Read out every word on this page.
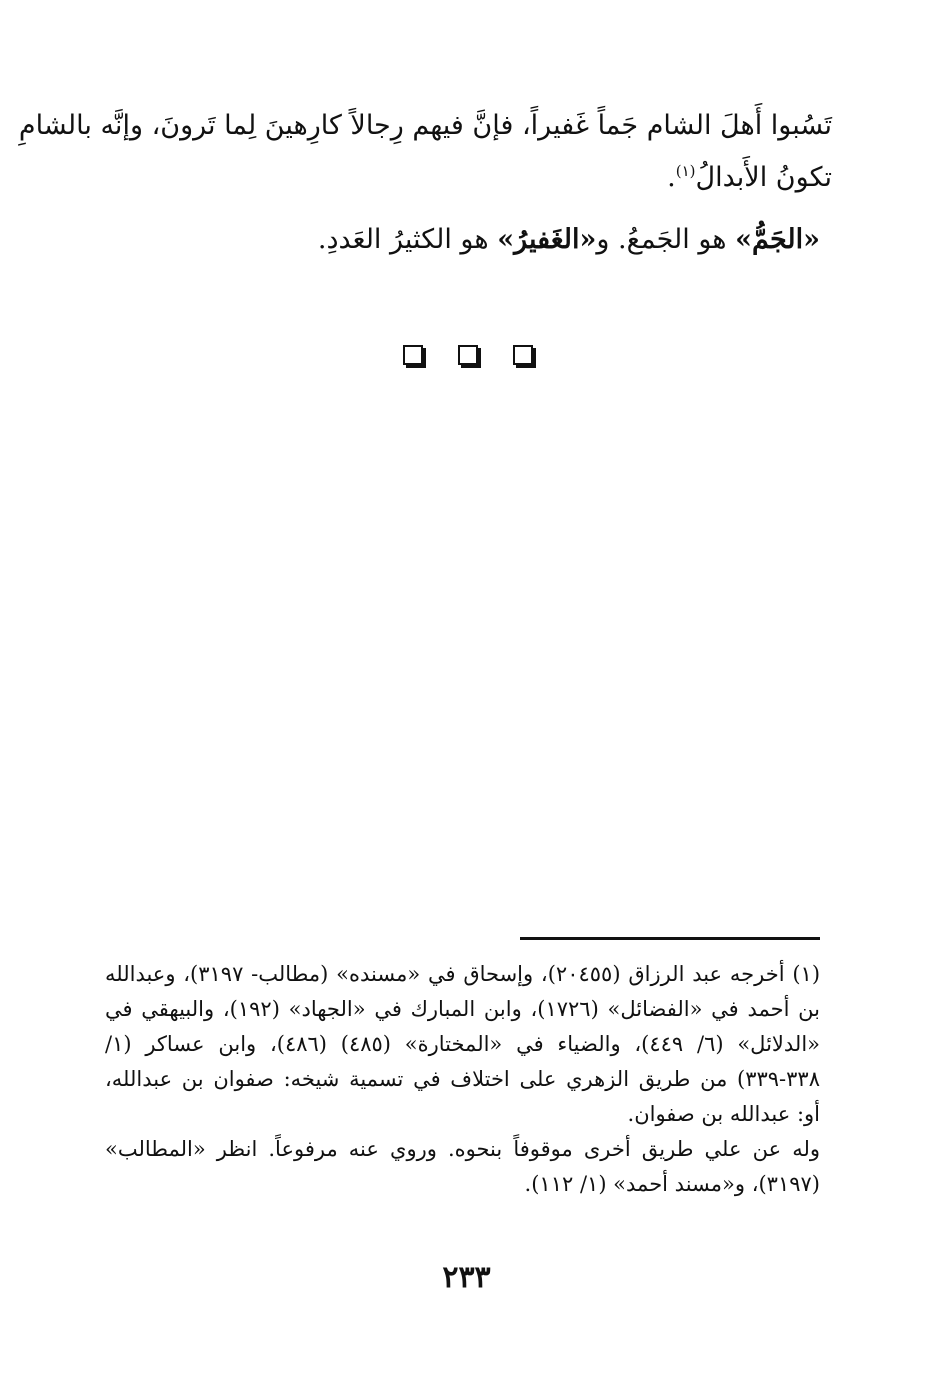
تَسُبوا أَهلَ الشام جَماً غَفيراً، فإنَّ فيهم رِجالاً كارِهينَ لِما تَرونَ، وإنَّه بالشامِ

تكونُ الأَبدالُ$^{(١)}$.

«الجَمُّ» هو الجَمعُ. و«الغَفيرُ» هو الكثيرُ العَددِ.

(١) أخرجه عبد الرزاق (٢٠٤٥٥)، وإسحاق في «مسنده» (مطالب- ٣١٩٧)، وعبدالله

بن أحمد في «الفضائل» (١٧٢٦)، وابن المبارك في «الجهاد» (١٩٢)، والبيهقي في

«الدلائل» (٦/ ٤٤٩)، والضياء في «المختارة» (٤٨٥) (٤٨٦)، وابن عساكر (١/

٣٣٨-٣٣٩) من طريق الزهري على اختلاف في تسمية شيخه: صفوان بن عبدالله،

أو: عبدالله بن صفوان.

وله عن علي طريق أخرى موقوفاً بنحوه. وروي عنه مرفوعاً. انظر «المطالب»

(٣١٩٧)، و«مسند أحمد» (١/ ١١٢).

٢٣٣
